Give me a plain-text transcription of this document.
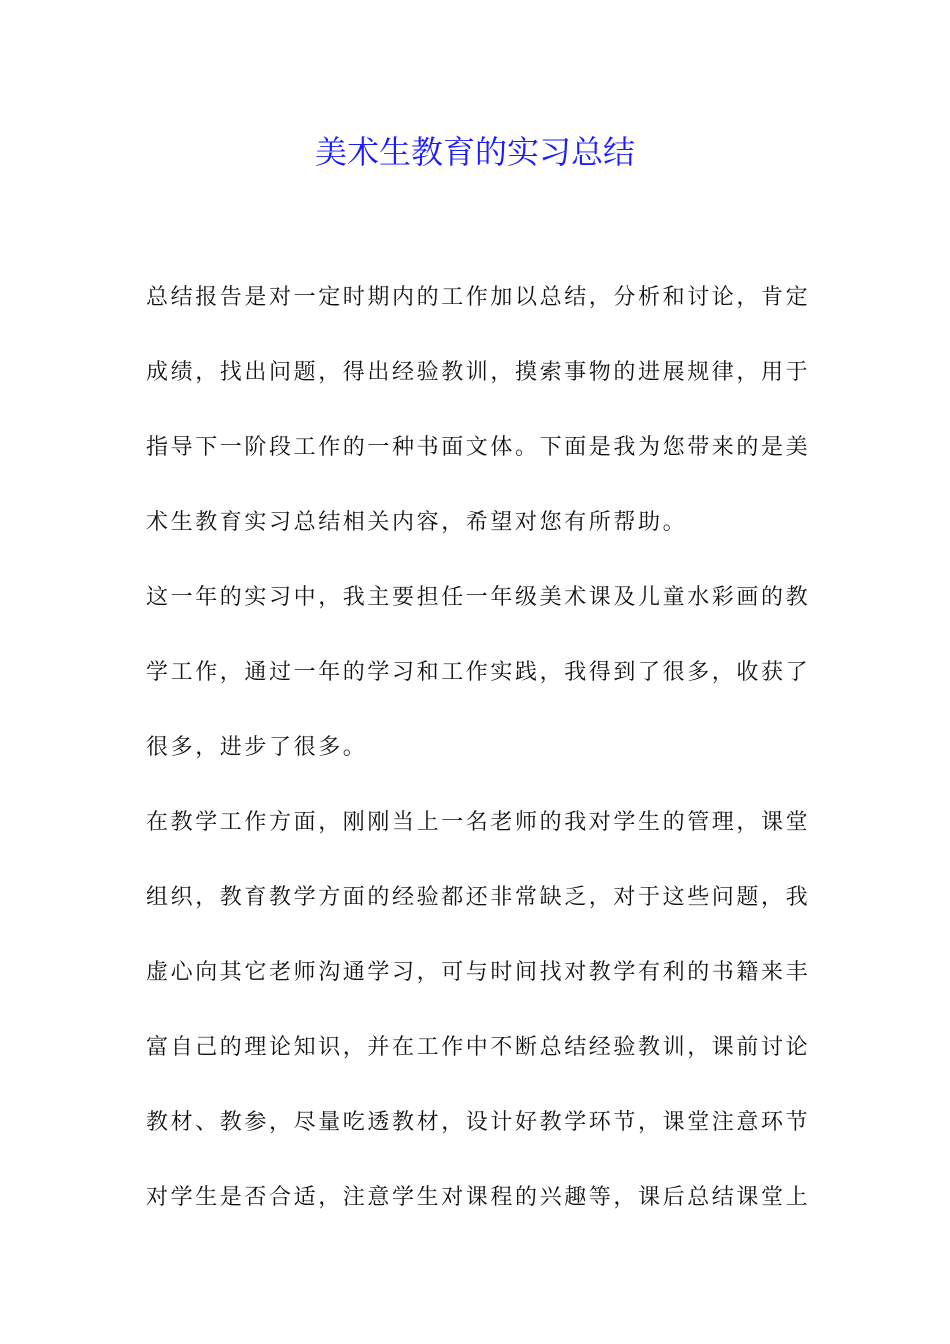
美术生教育的实习总结

总结报告是对一定时期内的工作加以总结，分析和讨论，肯定
成绩，找出问题，得出经验教训，摸索事物的进展规律，用于
指导下一阶段工作的一种书面文体。下面是我为您带来的是美
术生教育实习总结相关内容，希望对您有所帮助。

这一年的实习中，我主要担任一年级美术课及儿童水彩画的教
学工作，通过一年的学习和工作实践，我得到了很多，收获了
很多，进步了很多。

在教学工作方面，刚刚当上一名老师的我对学生的管理，课堂
组织，教育教学方面的经验都还非常缺乏，对于这些问题，我
虚心向其它老师沟通学习，可与时间找对教学有利的书籍来丰
富自己的理论知识，并在工作中不断总结经验教训，课前讨论
教材、教参，尽量吃透教材，设计好教学环节，课堂注意环节
对学生是否合适，注意学生对课程的兴趣等，课后总结课堂上
